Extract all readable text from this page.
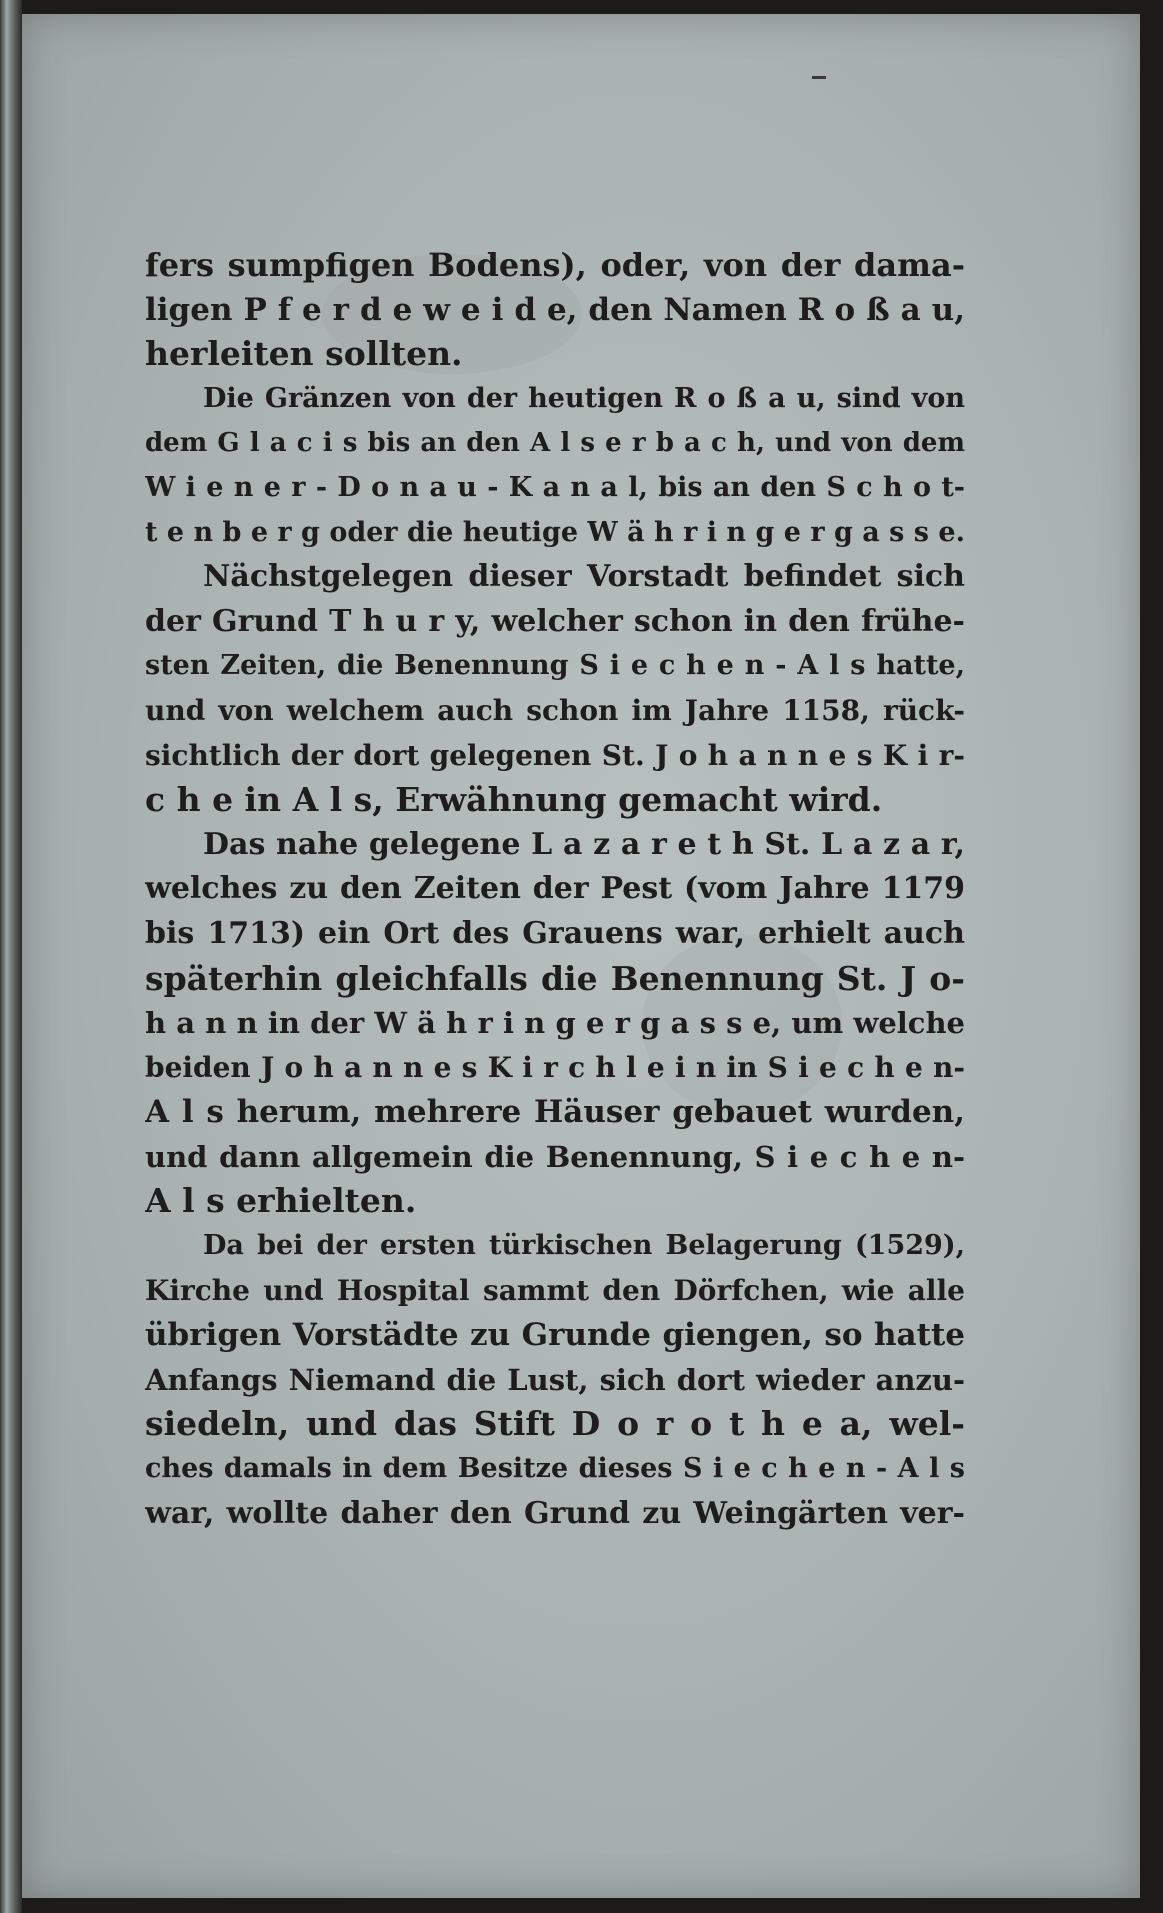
fers sumpfigen Bodens), oder, von der dama-
ligen P f e r d e w e i d e, den Namen R o ß a u,
herleiten sollten.
Die Gränzen von der heutigen R o ß a u, sind von
dem G l a c i s bis an den A l s e r b a c h, und von dem
W i e n e r - D o n a u - K a n a l, bis an den S c h o t-
t e n b e r g oder die heutige W ä h r i n g e r g a s s e.
Nächstgelegen dieser Vorstadt befindet sich
der Grund T h u r y, welcher schon in den frühe-
sten Zeiten, die Benennung S i e c h e n - A l s hatte,
und von welchem auch schon im Jahre 1158, rück-
sichtlich der dort gelegenen St. J o h a n n e s K i r-
c h e in A l s, Erwähnung gemacht wird.
Das nahe gelegene L a z a r e t h St. L a z a r,
welches zu den Zeiten der Pest (vom Jahre 1179
bis 1713) ein Ort des Grauens war, erhielt auch
späterhin gleichfalls die Benennung St. J o-
h a n n in der W ä h r i n g e r g a s s e, um welche
beiden J o h a n n e s K i r c h l e i n in S i e c h e n-
A l s herum, mehrere Häuser gebauet wurden,
und dann allgemein die Benennung, S i e c h e n-
A l s erhielten.
Da bei der ersten türkischen Belagerung (1529),
Kirche und Hospital sammt den Dörfchen, wie alle
übrigen Vorstädte zu Grunde giengen, so hatte
Anfangs Niemand die Lust, sich dort wieder anzu-
siedeln, und das Stift D o r o t h e a, wel-
ches damals in dem Besitze dieses S i e c h e n - A l s
war, wollte daher den Grund zu Weingärten ver-
